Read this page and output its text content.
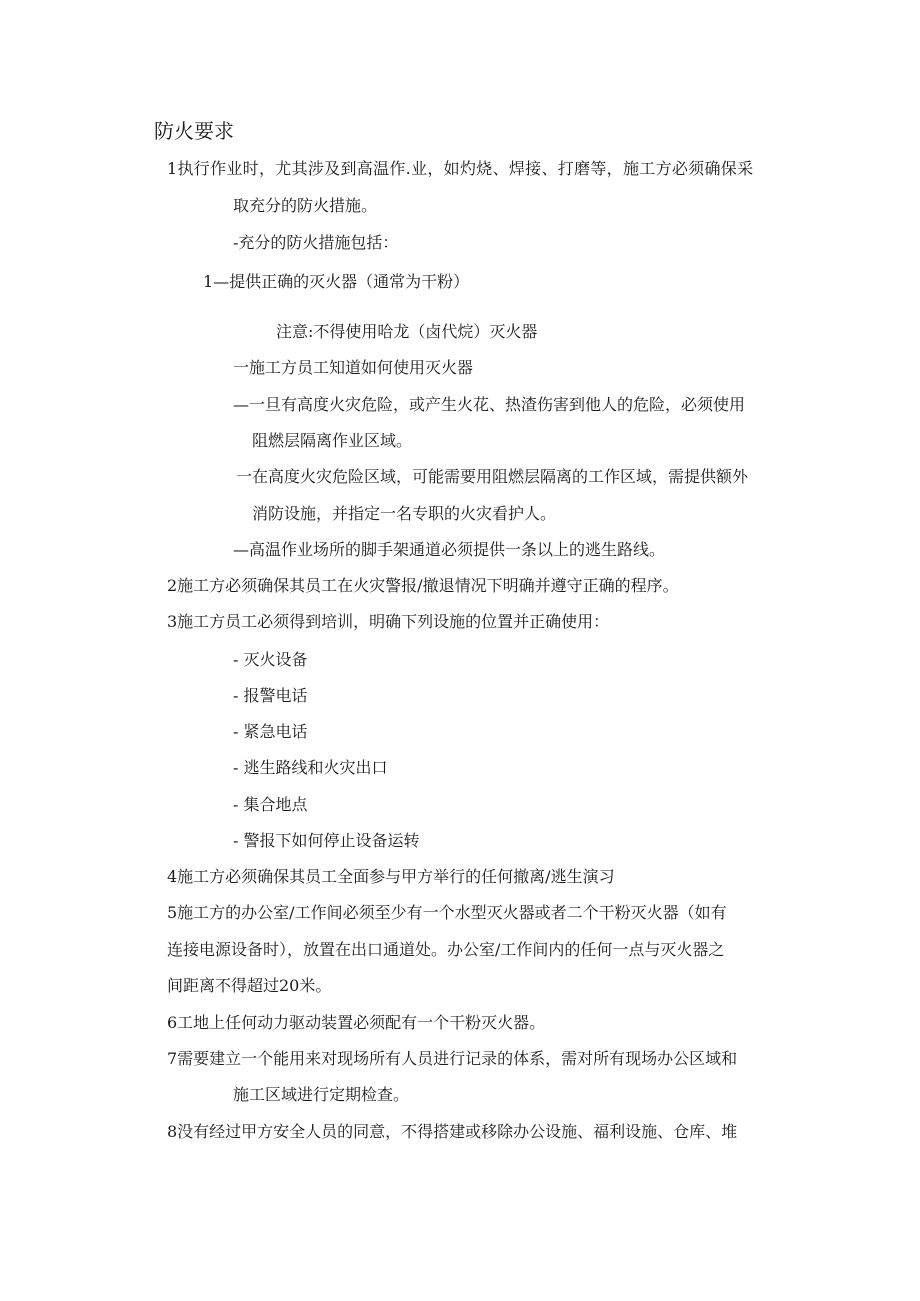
防火要求
1执行作业时，尤其涉及到高温作.业，如灼烧、焊接、打磨等，施工方必须确保采
取充分的防火措施。
-充分的防火措施包括：
1—提供正确的灭火器（通常为干粉）
注意:不得使用哈龙（卤代烷）灭火器
一施工方员工知道如何使用灭火器
—一旦有高度火灾危险，或产生火花、热渣伤害到他人的危险，必须使用
阻燃层隔离作业区域。
一在高度火灾危险区域，可能需要用阻燃层隔离的工作区域，需提供额外
消防设施，并指定一名专职的火灾看护人。
—高温作业场所的脚手架通道必须提供一条以上的逃生路线。
2施工方必须确保其员工在火灾警报/撤退情况下明确并遵守正确的程序。
3施工方员工必须得到培训，明确下列设施的位置并正确使用：
- 灭火设备
- 报警电话
- 紧急电话
- 逃生路线和火灾出口
- 集合地点
- 警报下如何停止设备运转
4施工方必须确保其员工全面参与甲方举行的任何撤离/逃生演习
5施工方的办公室/工作间必须至少有一个水型灭火器或者二个干粉灭火器（如有
连接电源设备时），放置在出口通道处。办公室/工作间内的任何一点与灭火器之
间距离不得超过20米。
6工地上任何动力驱动装置必须配有一个干粉灭火器。
7需要建立一个能用来对现场所有人员进行记录的体系，需对所有现场办公区域和
施工区域进行定期检查。
8没有经过甲方安全人员的同意，不得搭建或移除办公设施、福利设施、仓库、堆
